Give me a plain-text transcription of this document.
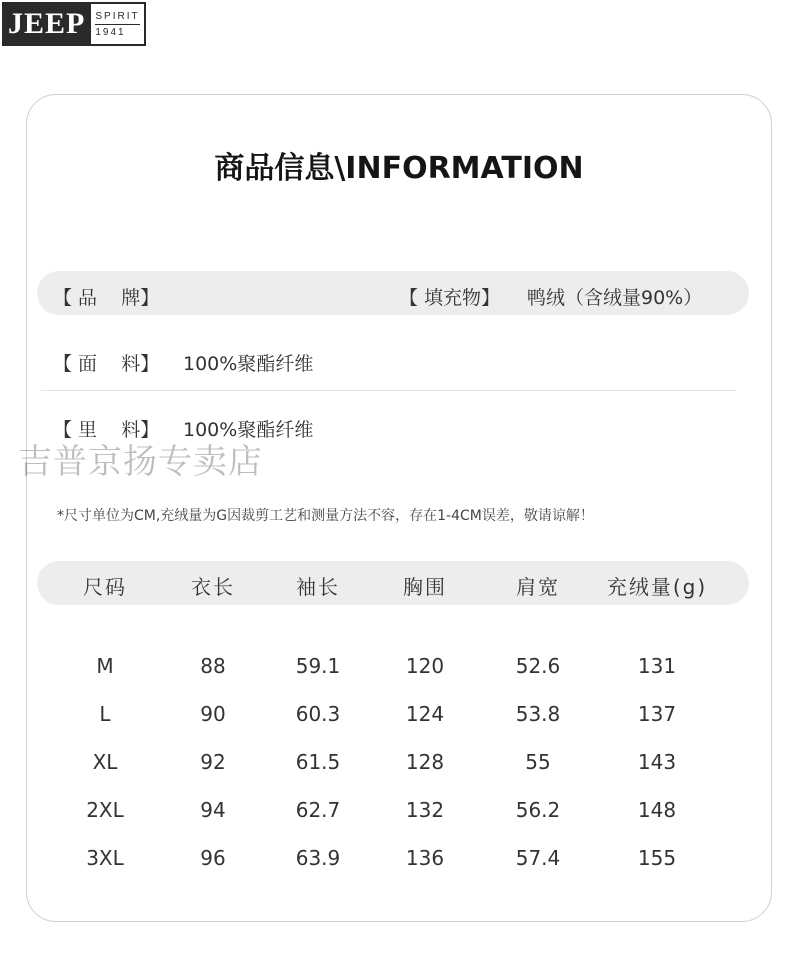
JEEP	SPIRIT
1941
商品信息\INFORMATION
【 品    牌】	【 填充物】 鸭绒（含绒量90%）
【 面    料】 100%聚酯纤维
【 里    料】 100%聚酯纤维
*尺寸单位为CM,充绒量为G因裁剪工艺和测量方法不容，存在1-4CM误差，敬请谅解！
尺码	衣长	袖长	胸围	肩宽	充绒量(g)
M	88	59.1	120	52.6	131
L	90	60.3	124	53.8	137
XL	92	61.5	128	55	143
2XL	94	62.7	132	56.2	148
3XL	96	63.9	136	57.4	155
吉普京扬专卖店
